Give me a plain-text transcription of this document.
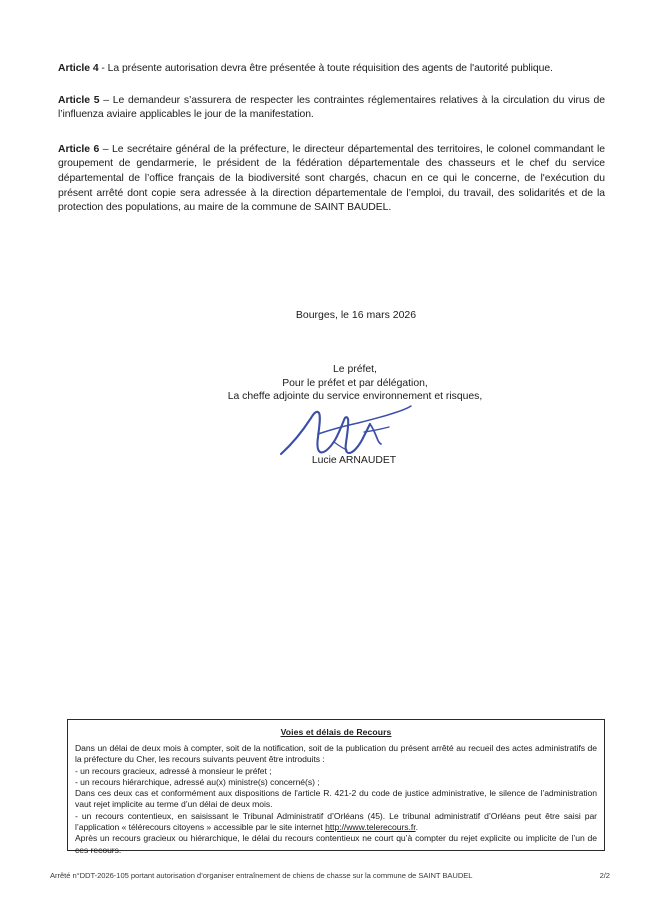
Article 4 - La présente autorisation devra être présentée à toute réquisition des agents de l'autorité publique.

Article 5 – Le demandeur s’assurera de respecter les contraintes réglementaires relatives à la circulation du virus de l’influenza aviaire applicables le jour de la manifestation.

Article 6 – Le secrétaire général de la préfecture, le directeur départemental des territoires, le colonel commandant le groupement de gendarmerie, le président de la fédération départementale des chasseurs et le chef du service départemental de l’office français de la biodiversité sont chargés, chacun en ce qui le concerne, de l'exécution du présent arrêté dont copie sera adressée à la direction départementale de l’emploi, du travail, des solidarités et de la protection des populations, au maire de la commune de SAINT BAUDEL.

Bourges, le 16 mars 2026
Le préfet,
Pour le préfet et par délégation,
La cheffe adjointe du service environnement et risques,
Lucie ARNAUDET
Voies et délais de Recours

Dans un délai de deux mois à compter, soit de la notification, soit de la publication du présent arrêté au recueil des actes administratifs de la préfecture du Cher, les recours suivants peuvent être introduits :

- un recours gracieux, adressé à monsieur le préfet ;

- un recours hiérarchique, adressé au(x) ministre(s) concerné(s) ;

Dans ces deux cas et conformément aux dispositions de l'article R. 421-2 du code de justice administrative, le silence de l’administration vaut rejet implicite au terme d’un délai de deux mois.

- un recours contentieux, en saisissant le Tribunal Administratif d’Orléans (45). Le tribunal administratif d’Orléans peut être saisi par l’application « télérecours citoyens » accessible par le site internet http://www.telerecours.fr.

Après un recours gracieux ou hiérarchique, le délai du recours contentieux ne court qu’à compter du rejet explicite ou implicite de l’un de ces recours.

Arrêté n°DDT-2026-105 portant autorisation d’organiser entraînement de chiens de chasse sur la commune de SAINT BAUDEL	2/2
